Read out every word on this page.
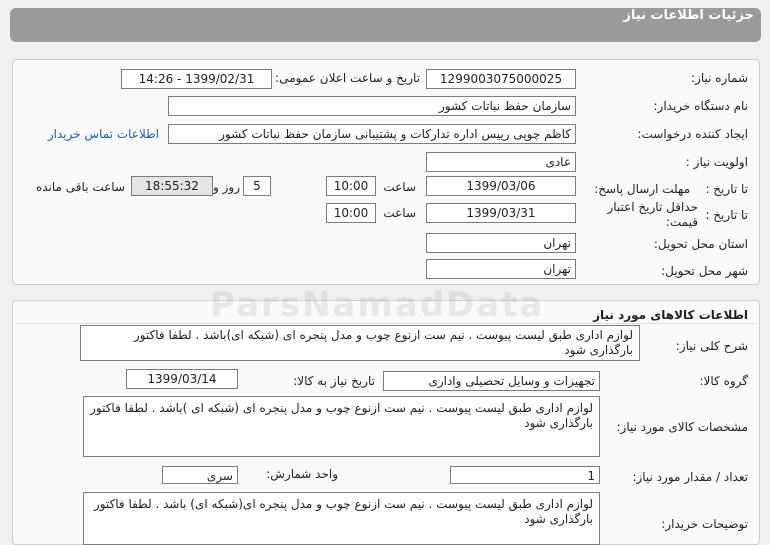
جزئیات اطلاعات نیاز
شماره نیاز:
1299003075000025
تاریخ و ساعت اعلان عمومی:
1399/02/31 - 14:26
نام دستگاه خریدار:
سازمان حفظ نباتات کشور
ایجاد کننده درخواست:
کاظم چوپی رییس اداره تدارکات و پشتیبانی سازمان حفظ نباتات کشور
اطلاعات تماس خریدار
اولویت نیاز :
عادی
مهلت ارسال پاسخ: تا تاریخ :
1399/03/06
ساعت
10:00
5
روز و
18:55:32
ساعت باقی مانده
حداقل تاریخ اعتبار قیمت: تا تاریخ :
1399/03/31
ساعت
10:00
استان محل تحویل:
تهران
شهر محل تحویل:
تهران
اطلاعات کالاهای مورد نیاز
شرح کلی نیاز:
لوازم اداری طبق لیست پیوست . نیم ست ازنوع چوب و مدل پنجره ای (شبکه ای)باشد . لطفا فاکتور بارگذاری شود
گروه کالا:
تجهیزات و وسایل تحصیلی واداری
تاریخ نیاز به کالا:
1399/03/14
مشخصات کالای مورد نیاز:
لوازم اداری طبق لیست پیوست . نیم ست ازنوع چوب و مدل پنجره ای (شبکه ای )باشد . لطفا فاکتور بارگذاری شود
تعداد / مقدار مورد نیاز:
1
واحد شمارش:
سری
توضیحات خریدار:
لوازم اداری طبق لیست پیوست . نیم ست ازنوع چوب و مدل پنجره ای(شبکه ای) باشد . لطفا فاکتور بارگذاری شود
ParsNamadData
